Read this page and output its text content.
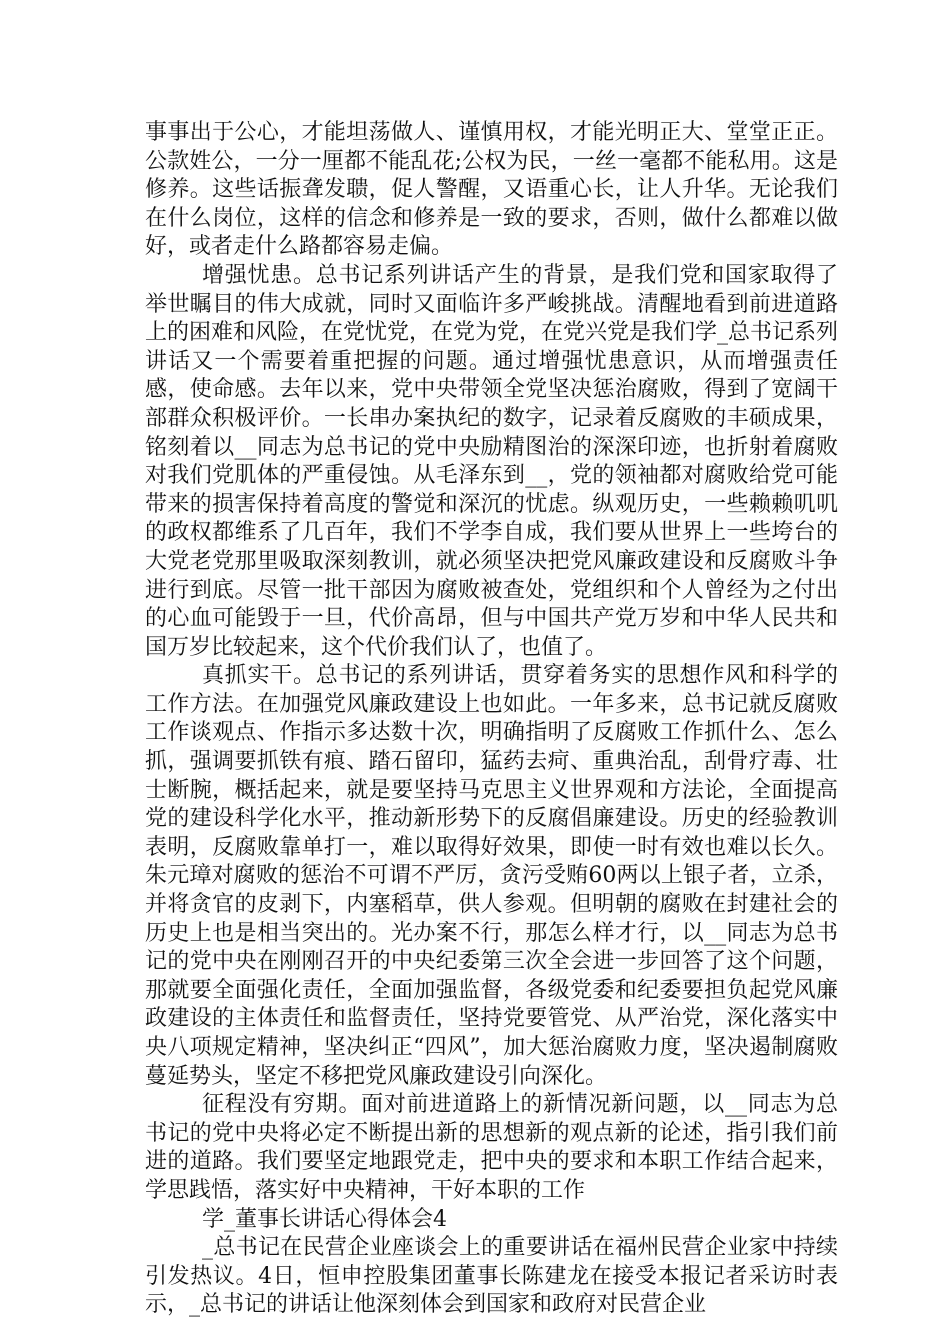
事事出于公心，才能坦荡做人、谨慎用权，才能光明正大、堂堂正正。公款姓公，一分一厘都不能乱花;公权为民，一丝一毫都不能私用。这是修养。这些话振聋发聩，促人警醒，又语重心长，让人升华。无论我们在什么岗位，这样的信念和修养是一致的要求，否则，做什么都难以做好，或者走什么路都容易走偏。

增强忧患。总书记系列讲话产生的背景，是我们党和国家取得了举世瞩目的伟大成就，同时又面临许多严峻挑战。清醒地看到前进道路上的困难和风险，在党忧党，在党为党，在党兴党是我们学_总书记系列讲话又一个需要着重把握的问题。通过增强忧患意识，从而增强责任感，使命感。去年以来，党中央带领全党坚决惩治腐败，得到了宽阔干部群众积极评价。一长串办案执纪的数字，记录着反腐败的丰硕成果，铭刻着以__同志为总书记的党中央励精图治的深深印迹，也折射着腐败对我们党肌体的严重侵蚀。从毛泽东到__，党的领袖都对腐败给党可能带来的损害保持着高度的警觉和深沉的忧虑。纵观历史，一些赖赖叽叽的政权都维系了几百年，我们不学李自成，我们要从世界上一些垮台的大党老党那里吸取深刻教训，就必须坚决把党风廉政建设和反腐败斗争进行到底。尽管一批干部因为腐败被查处，党组织和个人曾经为之付出的心血可能毁于一旦，代价高昂，但与中国共产党万岁和中华人民共和国万岁比较起来，这个代价我们认了，也值了。

真抓实干。总书记的系列讲话，贯穿着务实的思想作风和科学的工作方法。在加强党风廉政建设上也如此。一年多来，总书记就反腐败工作谈观点、作指示多达数十次，明确指明了反腐败工作抓什么、怎么抓，强调要抓铁有痕、踏石留印，猛药去疴、重典治乱，刮骨疗毒、壮士断腕，概括起来，就是要坚持马克思主义世界观和方法论，全面提高党的建设科学化水平，推动新形势下的反腐倡廉建设。历史的经验教训表明，反腐败靠单打一，难以取得好效果，即使一时有效也难以长久。朱元璋对腐败的惩治不可谓不严厉，贪污受贿60两以上银子者，立杀，并将贪官的皮剥下，内塞稻草，供人参观。但明朝的腐败在封建社会的历史上也是相当突出的。光办案不行，那怎么样才行，以__同志为总书记的党中央在刚刚召开的中央纪委第三次全会进一步回答了这个问题，那就要全面强化责任，全面加强监督，各级党委和纪委要担负起党风廉政建设的主体责任和监督责任，坚持党要管党、从严治党，深化落实中央八项规定精神，坚决纠正“四风”，加大惩治腐败力度，坚决遏制腐败蔓延势头，坚定不移把党风廉政建设引向深化。

征程没有穷期。面对前进道路上的新情况新问题，以__同志为总书记的党中央将必定不断提出新的思想新的观点新的论述，指引我们前进的道路。我们要坚定地跟党走，把中央的要求和本职工作结合起来，学思践悟，落实好中央精神，干好本职的工作

学_董事长讲话心得体会4

_总书记在民营企业座谈会上的重要讲话在福州民营企业家中持续引发热议。4日，恒申控股集团董事长陈建龙在接受本报记者采访时表示，_总书记的讲话让他深刻体会到国家和政府对民营企业
